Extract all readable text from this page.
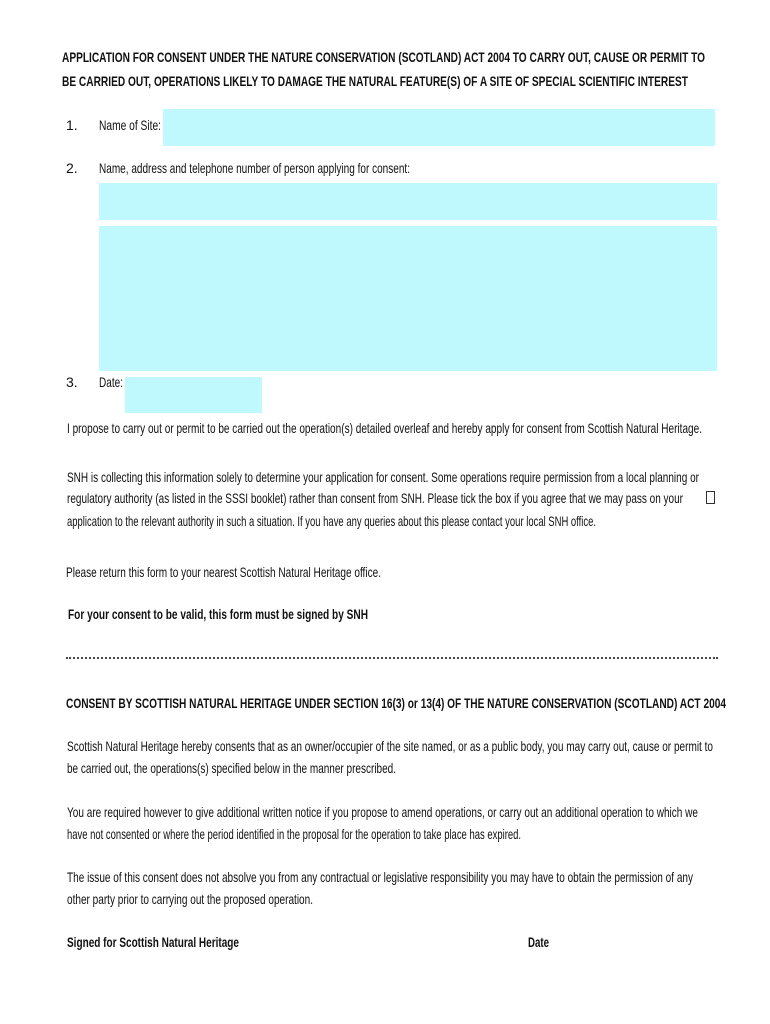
APPLICATION FOR CONSENT UNDER THE NATURE CONSERVATION (SCOTLAND) ACT 2004 TO CARRY OUT, CAUSE OR PERMIT TO
BE CARRIED OUT, OPERATIONS LIKELY TO DAMAGE THE NATURAL FEATURE(S) OF A SITE OF SPECIAL SCIENTIFIC INTEREST
1. Name of Site:
2. Name, address and telephone number of person applying for consent:
3. Date:
I propose to carry out or permit to be carried out the operation(s) detailed overleaf and hereby apply for consent from Scottish Natural Heritage.
SNH is collecting this information solely to determine your application for consent. Some operations require permission from a local planning or
regulatory authority (as listed in the SSSI booklet) rather than consent from SNH. Please tick the box if you agree that we may pass on your
application to the relevant authority in such a situation. If you have any queries about this please contact your local SNH office.
Please return this form to your nearest Scottish Natural Heritage office.
For your consent to be valid, this form must be signed by SNH
CONSENT BY SCOTTISH NATURAL HERITAGE UNDER SECTION 16(3) or 13(4) OF THE NATURE CONSERVATION (SCOTLAND) ACT 2004
Scottish Natural Heritage hereby consents that as an owner/occupier of the site named, or as a public body, you may carry out, cause or permit to
be carried out, the operations(s) specified below in the manner prescribed.
You are required however to give additional written notice if you propose to amend operations, or carry out an additional operation to which we
have not consented or where the period identified in the proposal for the operation to take place has expired.
The issue of this consent does not absolve you from any contractual or legislative responsibility you may have to obtain the permission of any
other party prior to carrying out the proposed operation.
Signed for Scottish Natural Heritage	Date
